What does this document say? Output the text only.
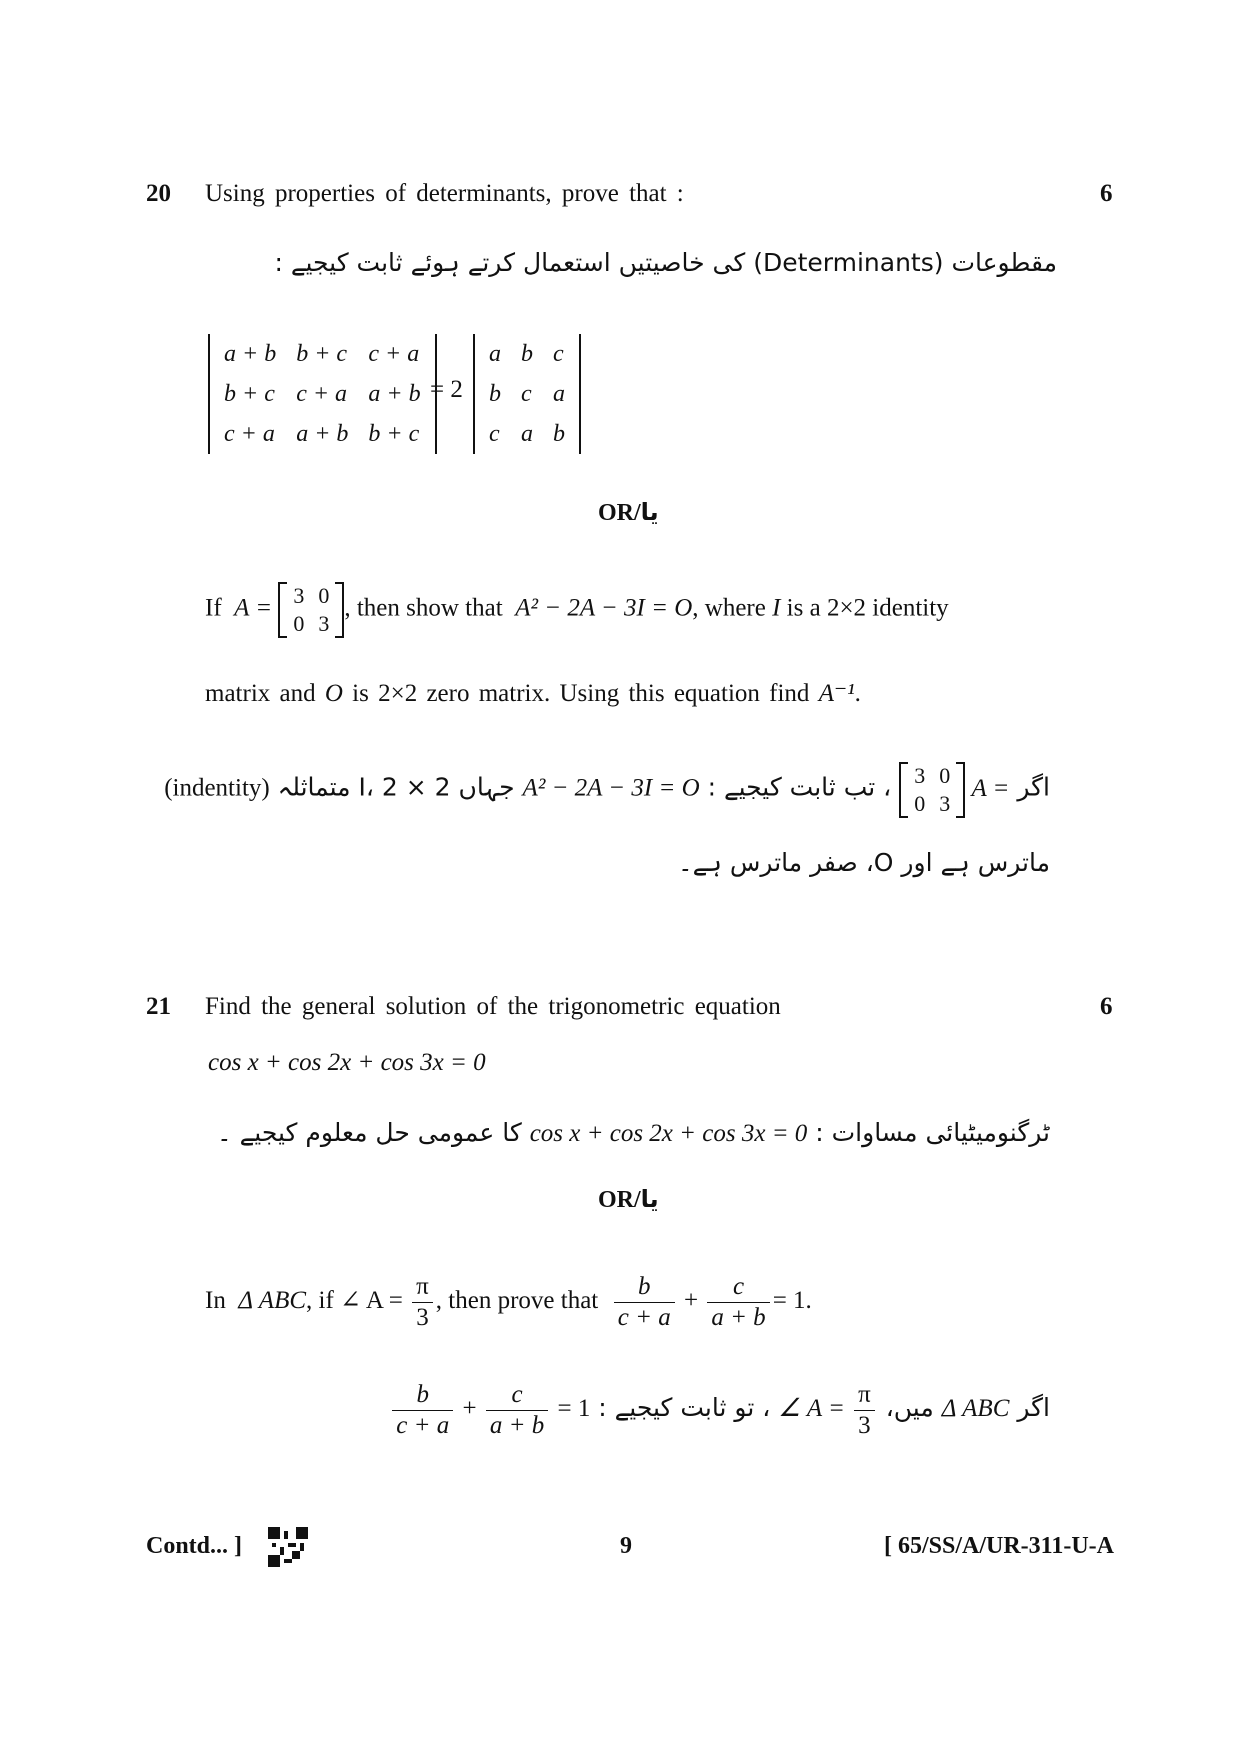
20 Using properties of determinants, prove that :	6
مقطوعات (Determinants) کی خاصیتیں استعمال کرتے ہوئے ثابت کیجیے :
a + b	b + c	c + a
b + c	c + a	a + b
c + a	a + b	b + c
= 2
a	b	c
b	c	a
c	a	b
OR/یا
If A = 3	0
0	3
, then show that A² − 2A − 3I = O, where I is a 2×2 identity
matrix and O is 2×2 zero matrix. Using this equation find A⁻¹.
اگر
3	0
0	3
A = ، تب ثابت کیجیے : A² − 2A − 3I = O جہاں I، 2 × 2 متماثلہ (indentity)
ماترس ہے اور O، صفر ماترس ہے۔
21 Find the general solution of the trigonometric equation	6
cos x + cos 2x + cos 3x = 0
ٹرگنومیٹیائی مساوات : cos x + cos 2x + cos 3x = 0 کا عمومی حل معلوم کیجیے ۔
OR/یا
In Δ ABC, if ∠ $A = \frac{\pi}{3}$ , then prove that $\frac{b}{c + a} + \frac{c}{a + b} = 1$.
اگر Δ ABC میں، ∠ $A = \frac{\pi}{3}$
، تو ثابت کیجیے :
$\frac{b}{c + a} + \frac{c}{a + b} = 1$
Contd... ]	9	[ 65/SS/A/UR-311-U-A
